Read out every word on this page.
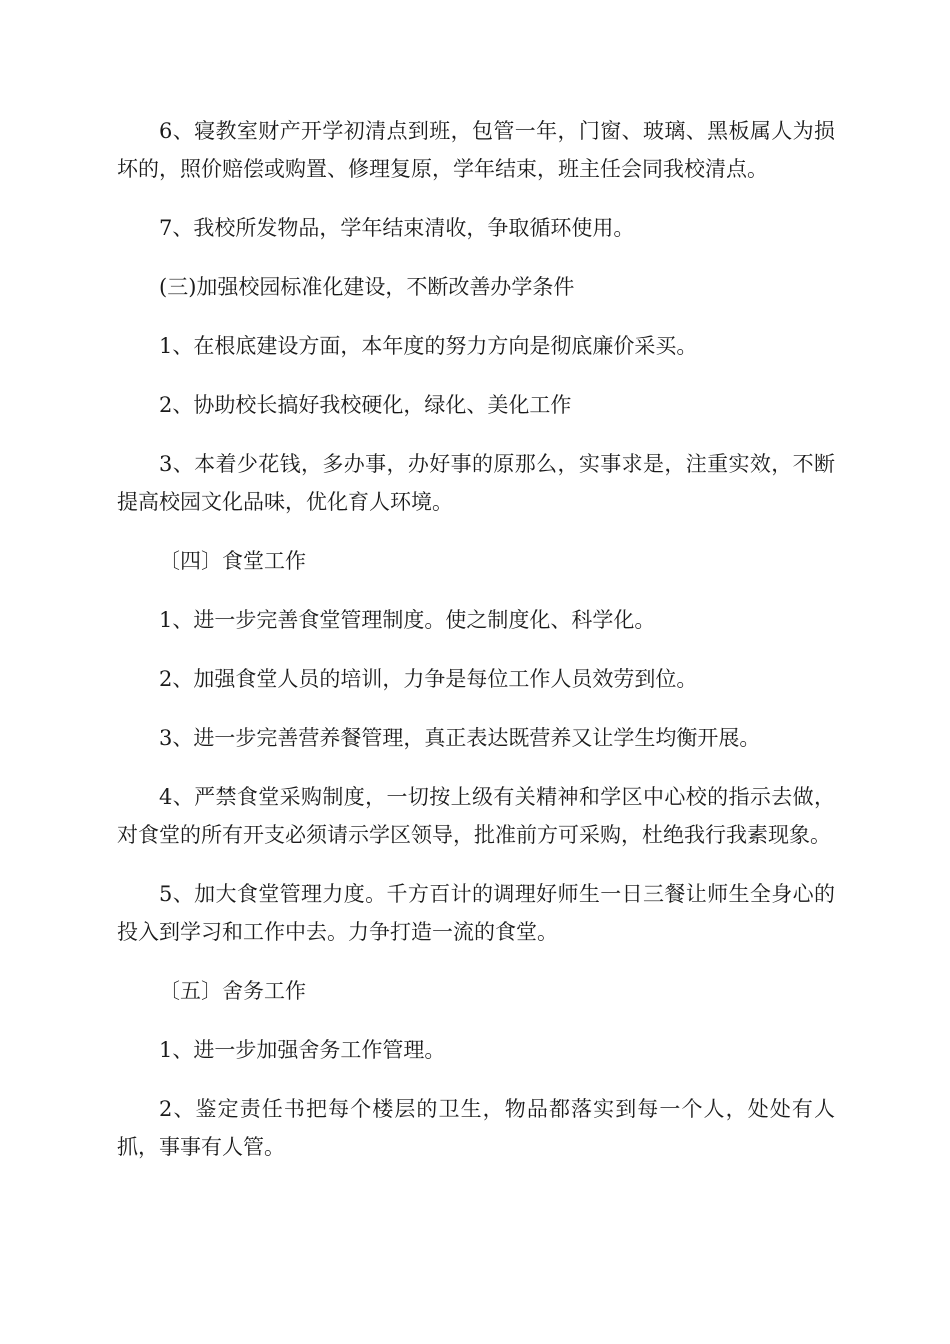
6、寝教室财产开学初清点到班，包管一年，门窗、玻璃、黑板属人为损坏的，照价赔偿或购置、修理复原，学年结束，班主任会同我校清点。

7、我校所发物品，学年结束清收，争取循环使用。

(三)加强校园标准化建设，不断改善办学条件

1、在根底建设方面，本年度的努力方向是彻底廉价采买。

2、协助校长搞好我校硬化，绿化、美化工作

3、本着少花钱，多办事，办好事的原那么，实事求是，注重实效，不断提高校园文化品味，优化育人环境。

〔四〕食堂工作

1、进一步完善食堂管理制度。使之制度化、科学化。

2、加强食堂人员的培训，力争是每位工作人员效劳到位。

3、进一步完善营养餐管理，真正表达既营养又让学生均衡开展。

4、严禁食堂采购制度，一切按上级有关精神和学区中心校的指示去做，对食堂的所有开支必须请示学区领导，批准前方可采购，杜绝我行我素现象。

5、加大食堂管理力度。千方百计的调理好师生一日三餐让师生全身心的投入到学习和工作中去。力争打造一流的食堂。

〔五〕舍务工作

1、进一步加强舍务工作管理。

2、鉴定责任书把每个楼层的卫生，物品都落实到每一个人，处处有人抓，事事有人管。
